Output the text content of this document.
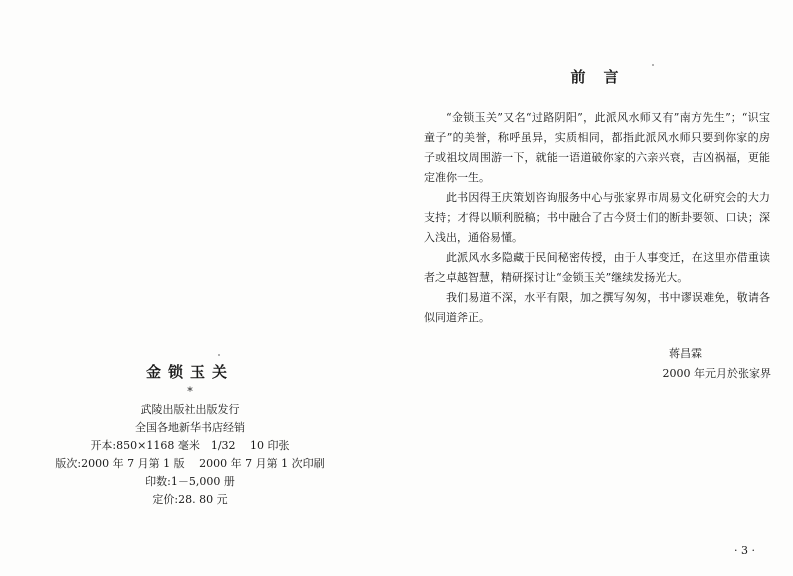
金锁玉关
*
武陵出版社出版发行
全国各地新华书店经销
开本:850×1168 毫米　1/32　 10 印张
版次:2000 年 7 月第 1 版　 2000 年 7 月第 1 次印刷
印数:1－5,000 册
定价:28. 80 元
前言

“金锁玉关”又名“过路阴阳”，此派风水师又有”南方先生”；“识宝童子”的美誉，称呼虽异，实质相同，都指此派风水师只要到你家的房子或祖坟周围游一下，就能一语道破你家的六亲兴衰，吉凶祸福，更能定准你一生。

此书因得王庆策划咨询服务中心与张家界市周易文化研究会的大力支持；才得以顺利脱稿；书中融合了古今贤士们的断卦要领、口诀；深入浅出，通俗易懂。

此派风水多隐藏于民间秘密传授，由于人事变迁，在这里亦借重读者之卓越智慧，精研探讨让“金锁玉关”继续发扬光大。

我们易道不深，水平有限，加之撰写匆匆，书中谬误难免，敬请各似同道斧正。

蒋昌霖
2000 年元月於张家界
· 3 ·
